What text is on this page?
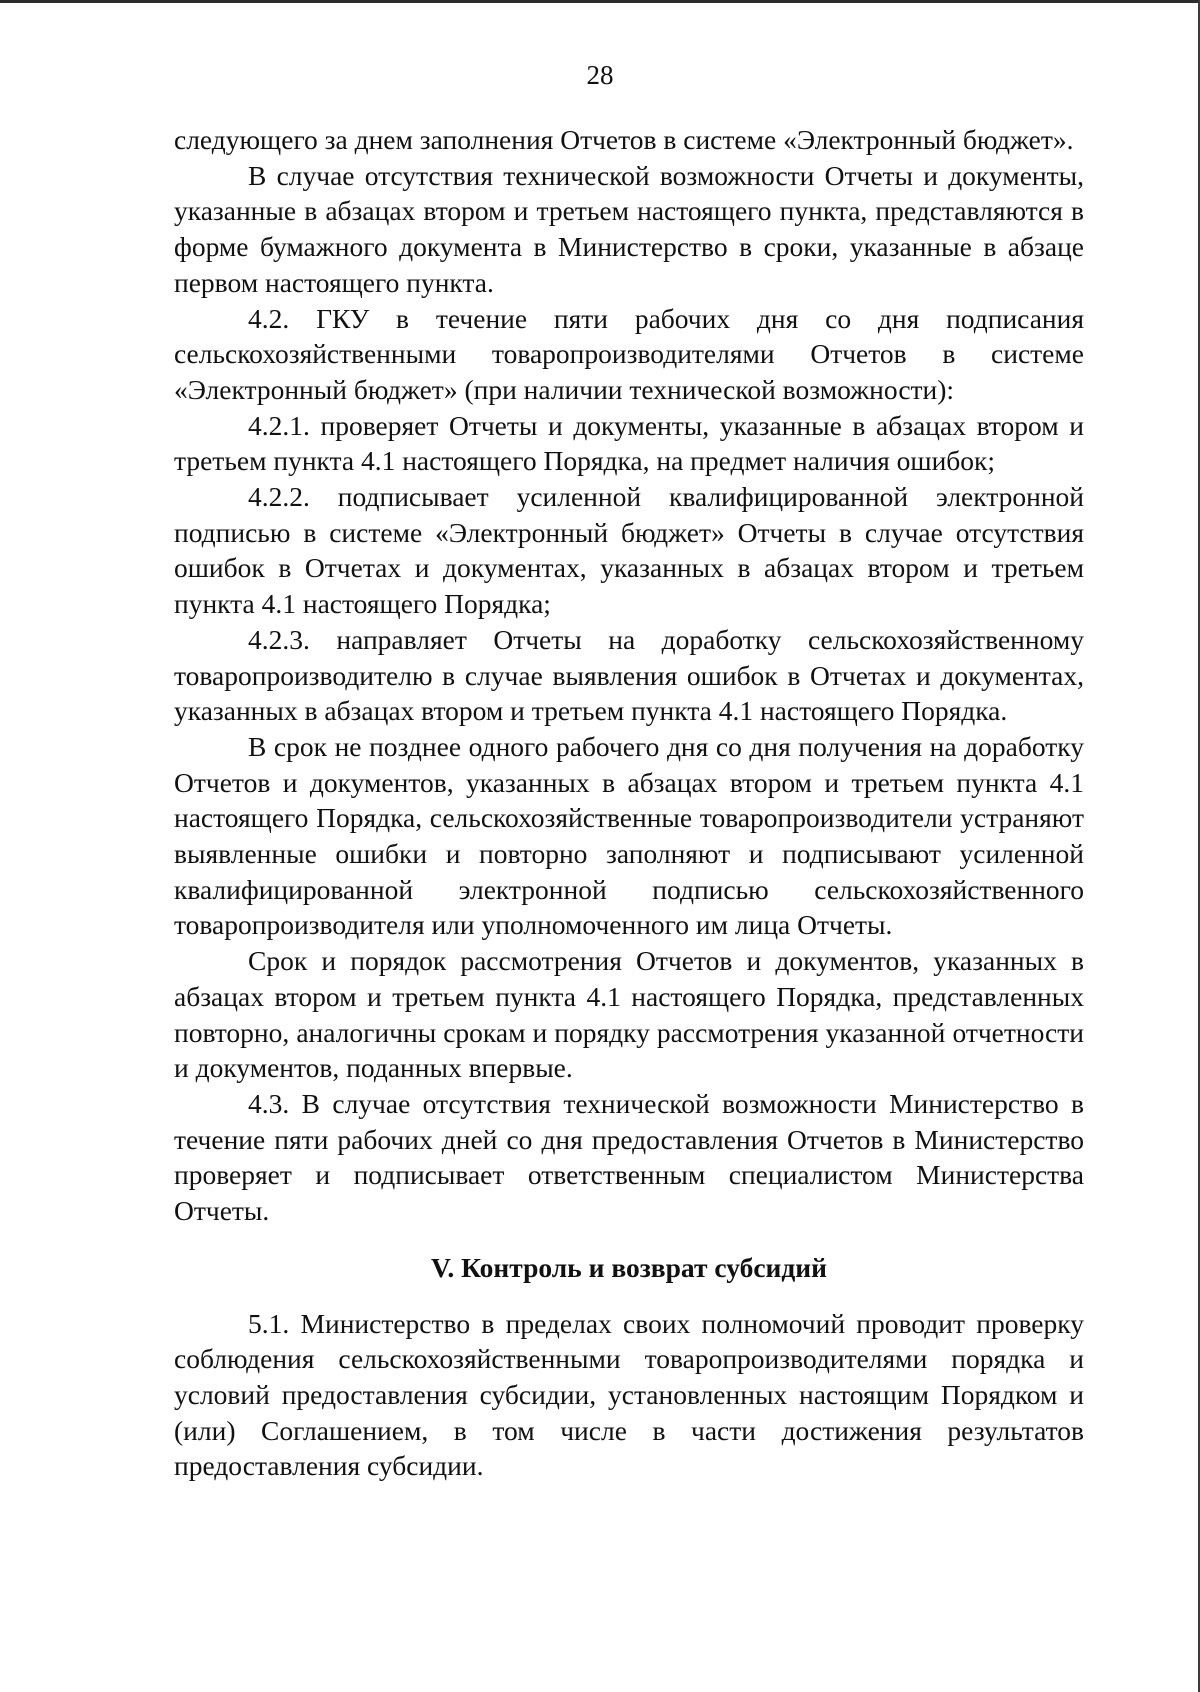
28

следующего за днем заполнения Отчетов в системе «Электронный бюджет».

В случае отсутствия технической возможности Отчеты и документы, указанные в абзацах втором и третьем настоящего пункта, представляются в форме бумажного документа в Министерство в сроки, указанные в абзаце первом настоящего пункта.

4.2. ГКУ в течение пяти рабочих дня со дня подписания сельскохозяйственными товаропроизводителями Отчетов в системе «Электронный бюджет» (при наличии технической возможности):

4.2.1. проверяет Отчеты и документы, указанные в абзацах втором и третьем пункта 4.1 настоящего Порядка, на предмет наличия ошибок;

4.2.2. подписывает усиленной квалифицированной электронной подписью в системе «Электронный бюджет» Отчеты в случае отсутствия ошибок в Отчетах и документах, указанных в абзацах втором и третьем пункта 4.1 настоящего Порядка;

4.2.3. направляет Отчеты на доработку сельскохозяйственному товаропроизводителю в случае выявления ошибок в Отчетах и документах, указанных в абзацах втором и третьем пункта 4.1 настоящего Порядка.

В срок не позднее одного рабочего дня со дня получения на доработку Отчетов и документов, указанных в абзацах втором и третьем пункта 4.1 настоящего Порядка, сельскохозяйственные товаропроизводители устраняют выявленные ошибки и повторно заполняют и подписывают усиленной квалифицированной электронной подписью сельскохозяйственного товаропроизводителя или уполномоченного им лица Отчеты.

Срок и порядок рассмотрения Отчетов и документов, указанных в абзацах втором и третьем пункта 4.1 настоящего Порядка, представленных повторно, аналогичны срокам и порядку рассмотрения указанной отчетности и документов, поданных впервые.

4.3. В случае отсутствия технической возможности Министерство в течение пяти рабочих дней со дня предоставления Отчетов в Министерство проверяет и подписывает ответственным специалистом Министерства Отчеты.

V. Контроль и возврат субсидий

5.1. Министерство в пределах своих полномочий проводит проверку соблюдения сельскохозяйственными товаропроизводителями порядка и условий предоставления субсидии, установленных настоящим Порядком и (или) Соглашением, в том числе в части достижения результатов предоставления субсидии.
